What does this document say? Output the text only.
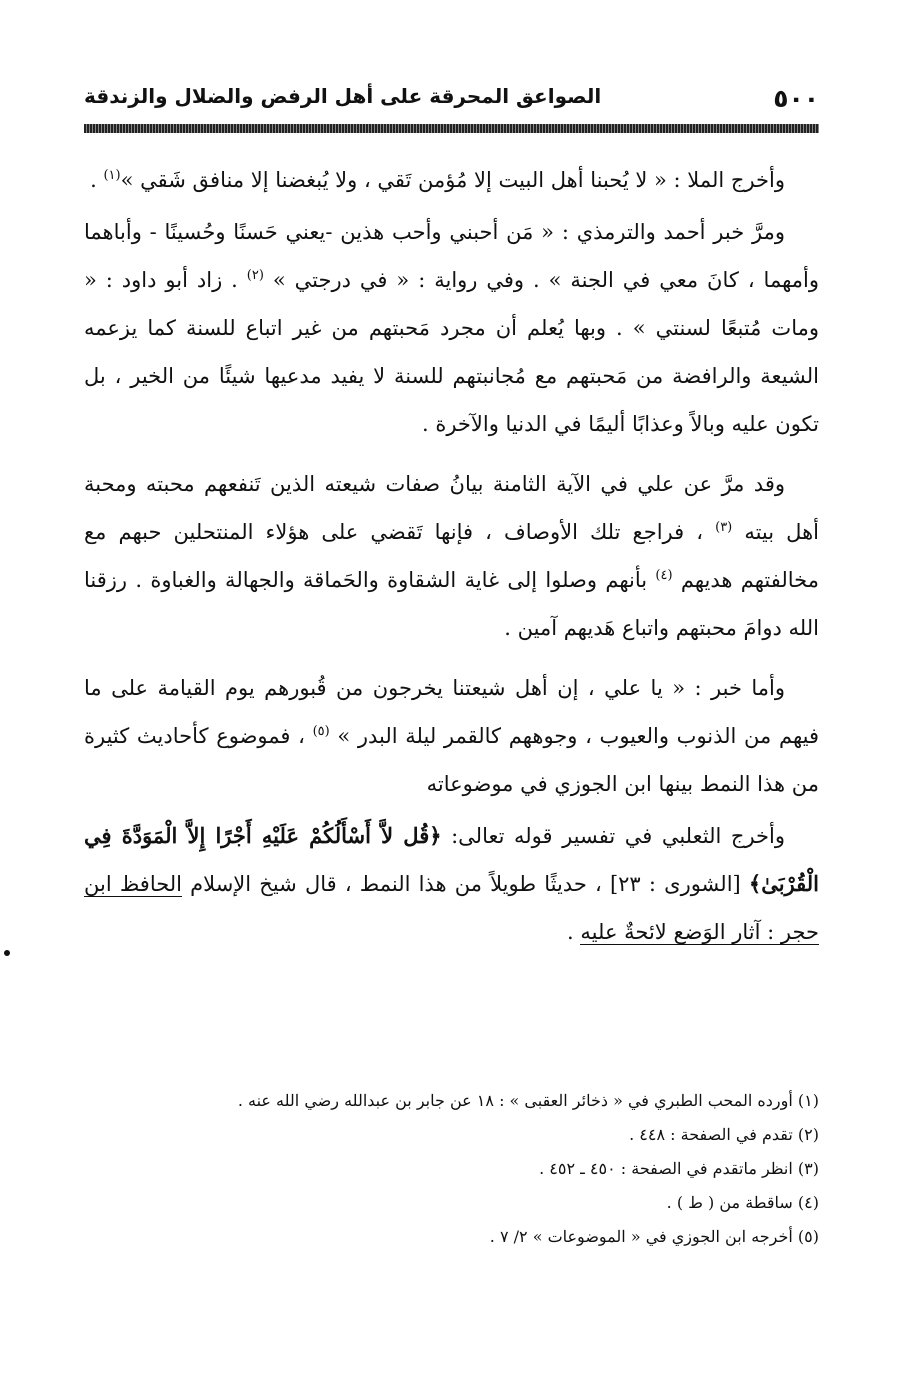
٥٠٠
الصواعق المحرقة على أهل الرفض والضلال والزندقة

وأخرج الملا : « لا يُحبنا أهل البيت إلا مُؤمن تَقي ، ولا يُبغضنا إلا منافق شَقي »$^{(١)}$ .

ومرَّ خبر أحمد والترمذي : « مَن أحبني وأحب هذين -يعني حَسنًا وحُسينًا - وأباهما وأمهما ، كانَ معي في الجنة » . وفي رواية : « في درجتي » $^{(٢)}$ . زاد أبو داود : « ومات مُتبعًا لسنتي » . وبها يُعلم أن مجرد مَحبتهم من غير اتباع للسنة كما يزعمه الشيعة والرافضة من مَحبتهم مع مُجانبتهم للسنة لا يفيد مدعيها شيئًا من الخير ، بل تكون عليه وبالاً وعذابًا أليمًا في الدنيا والآخرة .

وقد مرَّ عن علي في الآية الثامنة بيانُ صفات شيعته الذين تَنفعهم محبته ومحبة أهل بيته $^{(٣)}$ ، فراجع تلك الأوصاف ، فإنها تَقضي على هؤلاء المنتحلين حبهم مع مخالفتهم هديهم $^{(٤)}$ بأنهم وصلوا إلى غاية الشقاوة والحَماقة والجهالة والغباوة . رزقنا الله دوامَ محبتهم واتباع هَديهم آمين .

وأما خبر : « يا علي ، إن أهل شيعتنا يخرجون من قُبورهم يوم القيامة على ما فيهم من الذنوب والعيوب ، وجوههم كالقمر ليلة البدر » $^{(٥)}$ ، فموضوع كأحاديث كثيرة من هذا النمط بينها ابن الجوزي في موضوعاته

وأخرج الثعلبي في تفسير قوله تعالى: ﴿قُل لاَّ أَسْأَلُكُمْ عَلَيْهِ أَجْرًا إِلاَّ الْمَوَدَّةَ فِي الْقُرْبَىٰ﴾ [الشورى : ٢٣] ، حديثًا طويلاً من هذا النمط ، قال شيخ الإسلام الحافظ ابن حجر : آثار الوَضع لائحةٌ عليه .

(١) أورده المحب الطبري في « ذخائر العقبى » : ١٨ عن جابر بن عبدالله رضي الله عنه .

(٢) تقدم في الصفحة : ٤٤٨ .

(٣) انظر ماتقدم في الصفحة : ٤٥٠ ـ ٤٥٢ .

(٤) ساقطة من ( ط ) .

(٥) أخرجه ابن الجوزي في « الموضوعات » ٢/ ٧ .
